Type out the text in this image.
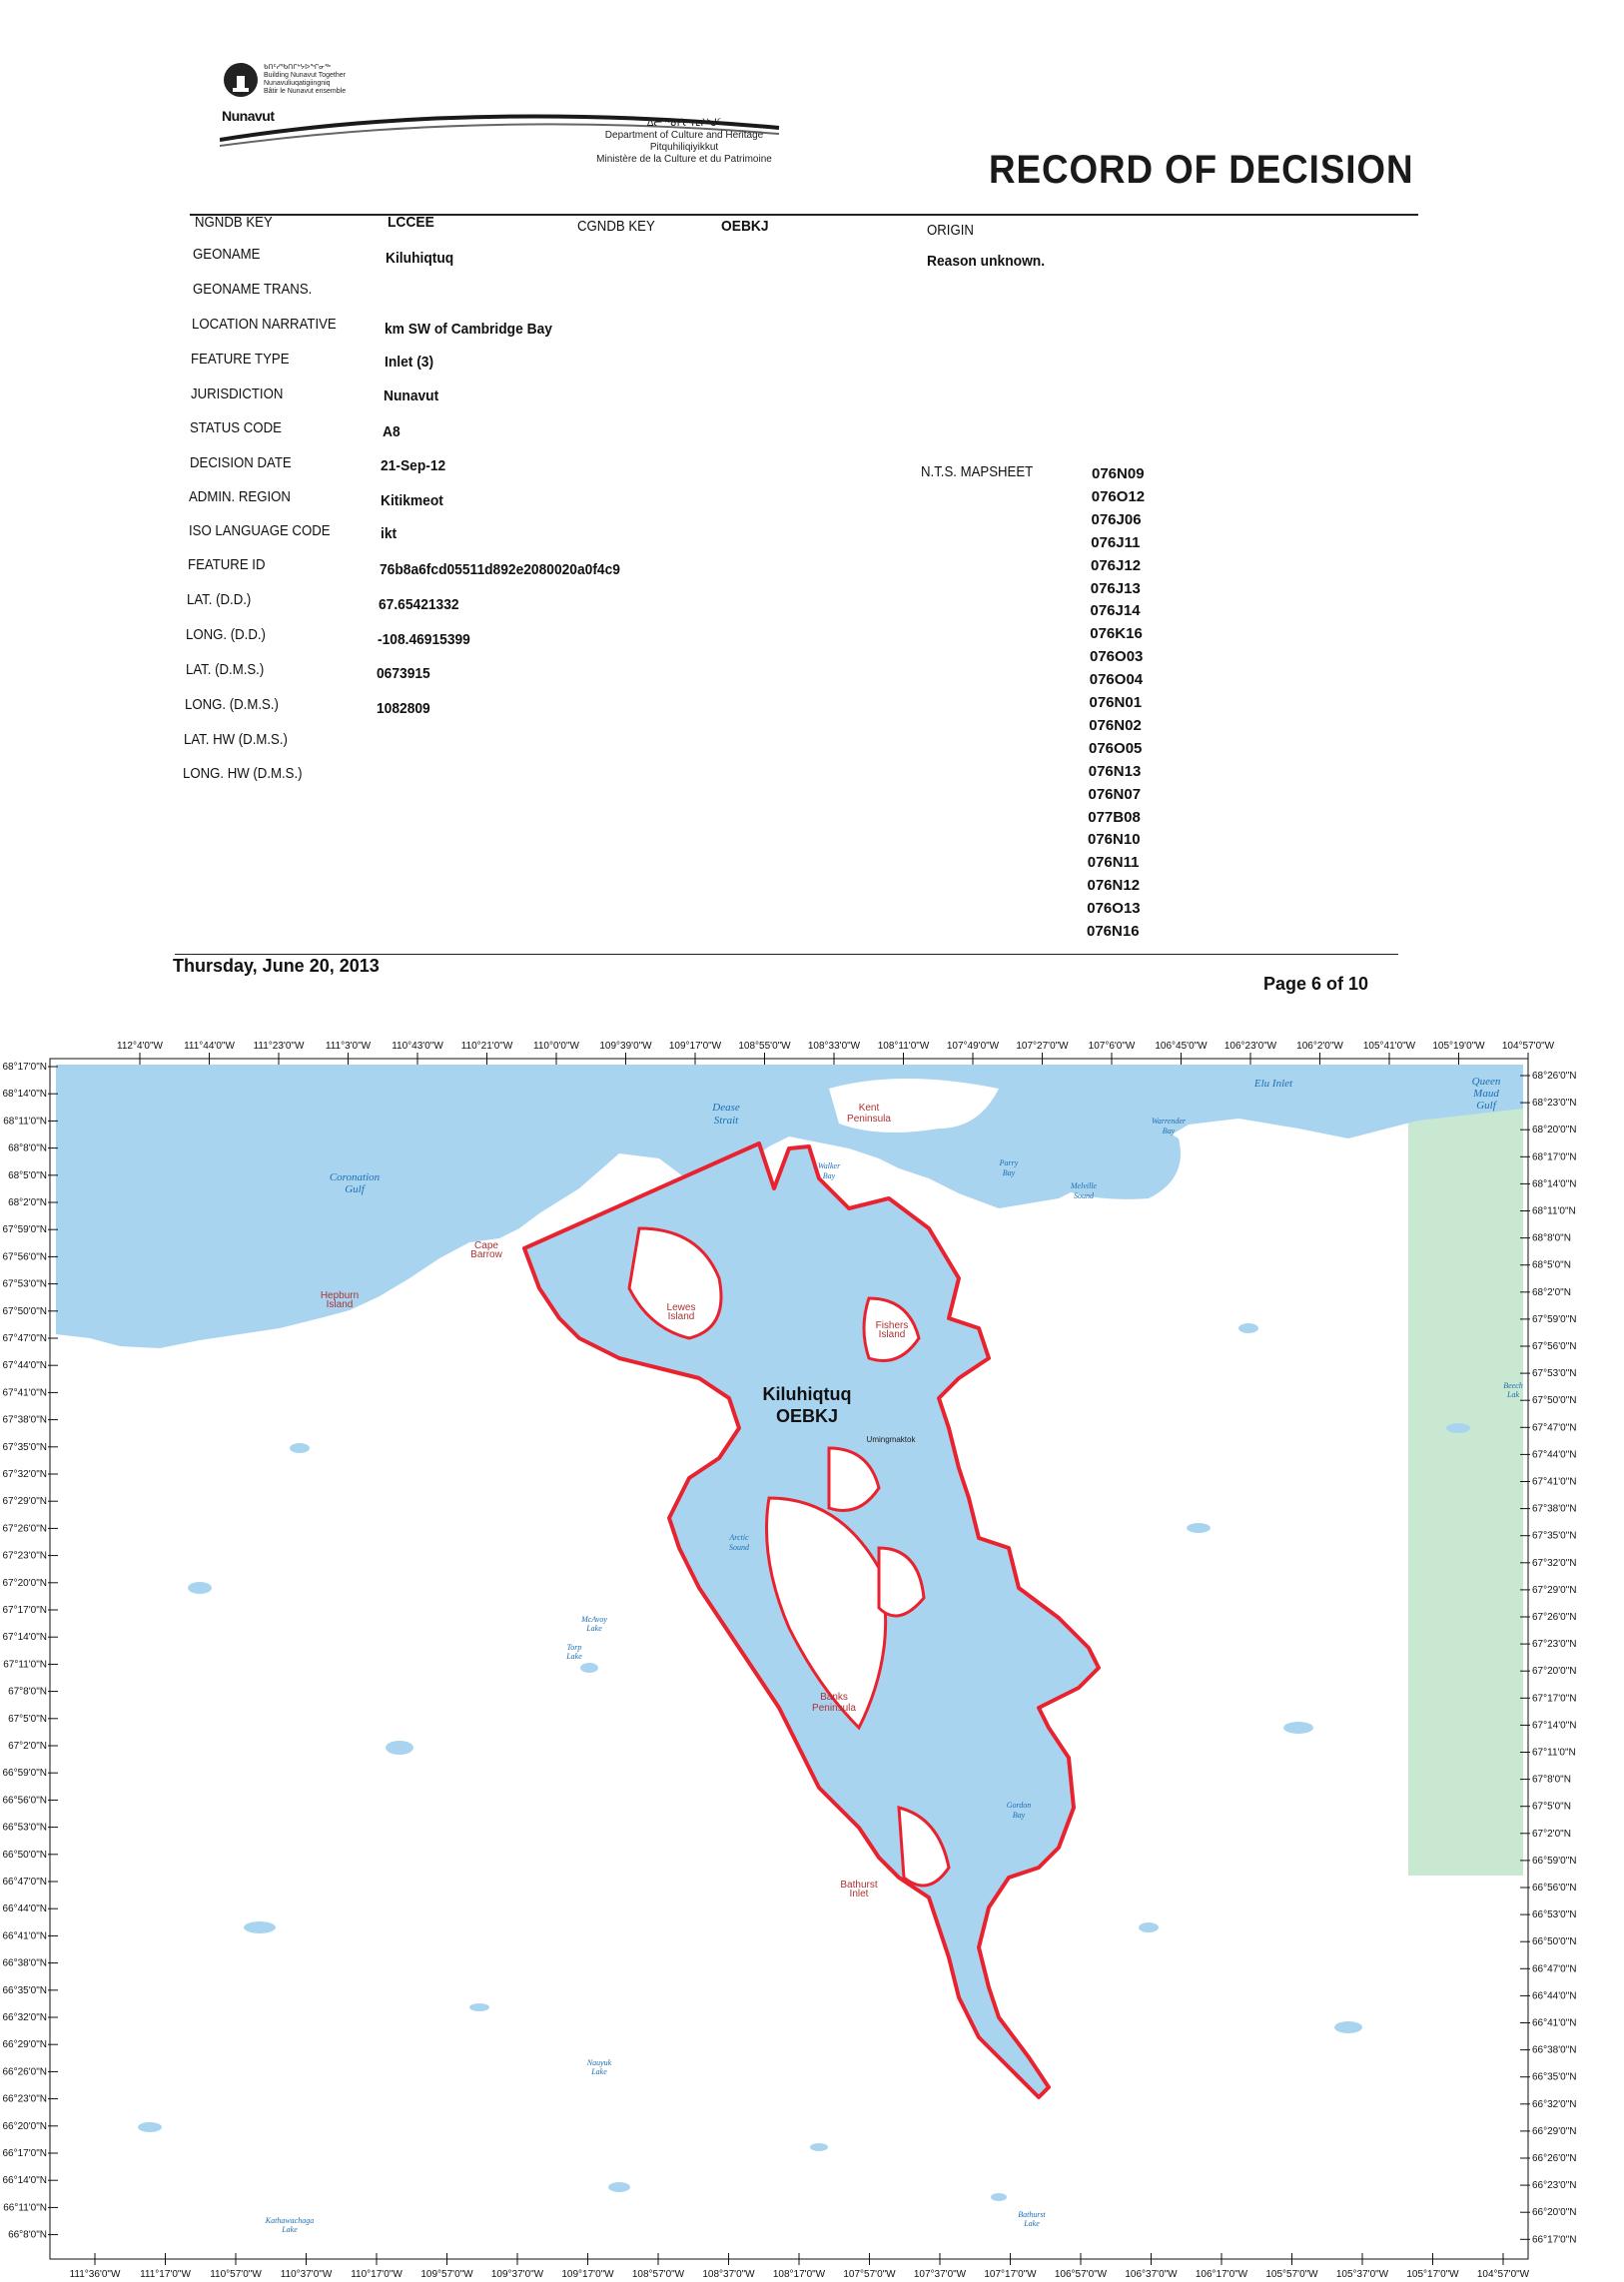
ᑲᑎᑦᓯᖃᑎᒋᔾᔭᐅᖏᓂᖅ
Building Nunavut Together
Nunavuliuqatigiingniq
Bâtir le Nunavut ensemble
Nunavut	ᐃᓕᖅᑯᓯᓕᕆᔨᒃᑯᑦ
Department of Culture and Heritage
Pitquhiliqiyikkut
Ministère de la Culture et du Patrimoine	RECORD OF DECISION
NGNDB KEY	LCCEE	CGNDB KEY	OEBKJ	ORIGIN
Reason unknown.
GEONAME	Kiluhiqtuq
GEONAME TRANS.
LOCATION NARRATIVE	km SW of Cambridge Bay
FEATURE TYPE	Inlet (3)
JURISDICTION	Nunavut
STATUS CODE	A8
DECISION DATE	21-Sep-12
ADMIN. REGION	Kitikmeot
ISO LANGUAGE CODE	ikt
FEATURE ID	76b8a6fcd05511d892e2080020a0f4c9
LAT. (D.D.)	67.65421332
LONG. (D.D.)	-108.46915399
LAT. (D.M.S.)	0673915
LONG. (D.M.S.)	1082809
LAT. HW (D.M.S.)
LONG. HW (D.M.S.)
N.T.S. MAPSHEET	076N09
076O12
076J06
076J11
076J12
076J13
076J14
076K16
076O03
076O04
076N01
076N02
076O05
076N13
076N07
077B08
076N10
076N11
076N12
076O13
076N16
Thursday, June 20, 2013
Page 6 of 10
Dease
Strait
Kent
Peninsula
Elu Inlet	Queen
Maud
Gulf
Coronation
Gulf
Walker
Bay
Parry
Bay
Melville
Sound
Warrender
Bay
Cape
Barrow
Hepburn
Island	Lewes
Island
Fishers
Island
Kiluhiqtuq
OEBKJ
Umingmaktok
Arctic
Sound
McAvoy
Lake
Torp
Lake
Banks
Peninsula
Gordon
Bay
Bathurst
Inlet
Nauyuk
Lake
Kathawachaga
Lake
Bathurst
Lake
Beech
Lak
112°4'0"W 111°44'0"W 111°23'0"W 111°3'0"W 110°43'0"W 110°21'0"W 110°0'0"W 109°39'0"W 109°17'0"W 108°55'0"W 108°33'0"W 108°11'0"W 107°49'0"W 107°27'0"W 107°6'0"W 106°45'0"W 106°23'0"W 106°2'0"W 105°41'0"W 105°19'0"W 104°57'0"W
111°36'0"W 111°17'0"W 110°57'0"W 110°37'0"W 110°17'0"W 109°57'0"W 109°37'0"W 109°17'0"W 108°57'0"W 108°37'0"W 108°17'0"W 107°57'0"W 107°37'0"W 107°17'0"W 106°57'0"W 106°37'0"W 106°17'0"W 105°57'0"W 105°37'0"W 105°17'0"W 104°57'0"W
68°17'0"N
68°14'0"N
68°11'0"N
68°8'0"N
68°5'0"N
68°2'0"N
67°59'0"N
67°56'0"N
67°53'0"N
67°50'0"N
67°47'0"N
67°44'0"N
67°41'0"N
67°38'0"N
67°35'0"N
67°32'0"N
67°29'0"N
67°26'0"N
67°23'0"N
67°20'0"N
67°17'0"N
67°14'0"N
67°11'0"N
67°8'0"N
67°5'0"N
67°2'0"N
66°59'0"N
66°56'0"N
66°53'0"N
66°50'0"N
66°47'0"N
66°44'0"N
66°41'0"N
66°38'0"N
66°35'0"N
66°32'0"N
66°29'0"N
66°26'0"N
66°23'0"N
66°20'0"N
66°17'0"N
66°14'0"N
66°11'0"N
66°8'0"N
68°26'0"N
68°23'0"N
68°20'0"N
68°17'0"N
68°14'0"N
68°11'0"N
68°8'0"N
68°5'0"N
68°2'0"N
67°59'0"N
67°56'0"N
67°53'0"N
67°50'0"N
67°47'0"N
67°44'0"N
67°41'0"N
67°38'0"N
67°35'0"N
67°32'0"N
67°29'0"N
67°26'0"N
67°23'0"N
67°20'0"N
67°17'0"N
67°14'0"N
67°11'0"N
67°8'0"N
67°5'0"N
67°2'0"N
66°59'0"N
66°56'0"N
66°53'0"N
66°50'0"N
66°47'0"N
66°44'0"N
66°41'0"N
66°38'0"N
66°35'0"N
66°32'0"N
66°29'0"N
66°26'0"N
66°23'0"N
66°20'0"N
66°17'0"N
